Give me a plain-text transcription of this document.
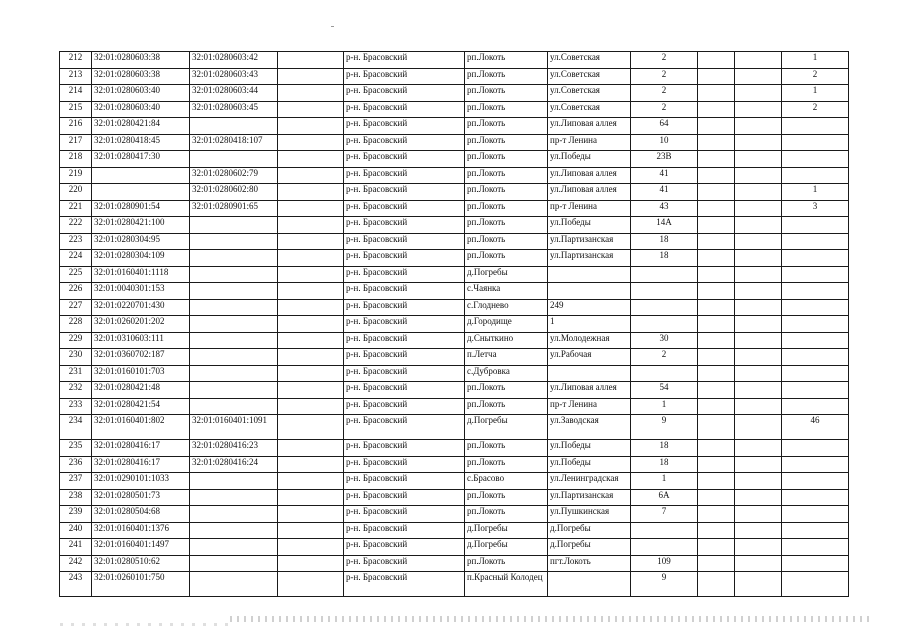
212	32:01:0280603:38	32:01:0280603:42		р-н. Брасовский	рп.Локоть	ул.Советская	2			1
213	32:01:0280603:38	32:01:0280603:43		р-н. Брасовский	рп.Локоть	ул.Советская	2			2
214	32:01:0280603:40	32:01:0280603:44		р-н. Брасовский	рп.Локоть	ул.Советская	2			1
215	32:01:0280603:40	32:01:0280603:45		р-н. Брасовский	рп.Локоть	ул.Советская	2			2
216	32:01:0280421:84			р-н. Брасовский	рп.Локоть	ул.Липовая аллея	64			
217	32:01:0280418:45	32:01:0280418:107		р-н. Брасовский	рп.Локоть	пр-т Ленина	10			
218	32:01:0280417:30			р-н. Брасовский	рп.Локоть	ул.Победы	23В			
219		32:01:0280602:79		р-н. Брасовский	рп.Локоть	ул.Липовая аллея	41			
220		32:01:0280602:80		р-н. Брасовский	рп.Локоть	ул.Липовая аллея	41			1
221	32:01:0280901:54	32:01:0280901:65		р-н. Брасовский	рп.Локоть	пр-т Ленина	43			3
222	32:01:0280421:100			р-н. Брасовский	рп.Локоть	ул.Победы	14А			
223	32:01:0280304:95			р-н. Брасовский	рп.Локоть	ул.Партизанская	18			
224	32:01:0280304:109			р-н. Брасовский	рп.Локоть	ул.Партизанская	18			
225	32:01:0160401:1118			р-н. Брасовский	д.Погребы					
226	32:01:0040301:153			р-н. Брасовский	с.Чаянка					
227	32:01:0220701:430			р-н. Брасовский	с.Глоднево	249				
228	32:01:0260201:202			р-н. Брасовский	д.Городище	1				
229	32:01:0310603:111			р-н. Брасовский	д.Сныткино	ул.Молодежная	30			
230	32:01:0360702:187			р-н. Брасовский	п.Летча	ул.Рабочая	2			
231	32:01:0160101:703			р-н. Брасовский	с.Дубровка					
232	32:01:0280421:48			р-н. Брасовский	рп.Локоть	ул.Липовая аллея	54			
233	32:01:0280421:54			р-н. Брасовский	рп.Локоть	пр-т Ленина	1			
234	32:01:0160401:802	32:01:0160401:1091		р-н. Брасовский	д.Погребы	ул.Заводская	9			46
235	32:01:0280416:17	32:01:0280416:23		р-н. Брасовский	рп.Локоть	ул.Победы	18			
236	32:01:0280416:17	32:01:0280416:24		р-н. Брасовский	рп.Локоть	ул.Победы	18			
237	32:01:0290101:1033			р-н. Брасовский	с.Брасово	ул.Ленинградская	1			
238	32:01:0280501:73			р-н. Брасовский	рп.Локоть	ул.Партизанская	6А			
239	32:01:0280504:68			р-н. Брасовский	рп.Локоть	ул.Пушкинская	7			
240	32:01:0160401:1376			р-н. Брасовский	д.Погребы	д.Погребы				
241	32:01:0160401:1497			р-н. Брасовский	д.Погребы	д.Погребы				
242	32:01:0280510:62			р-н. Брасовский	рп.Локоть	пгт.Локоть	109			
243	32:01:0260101:750			р-н. Брасовский	п.Красный Колодец		9			
